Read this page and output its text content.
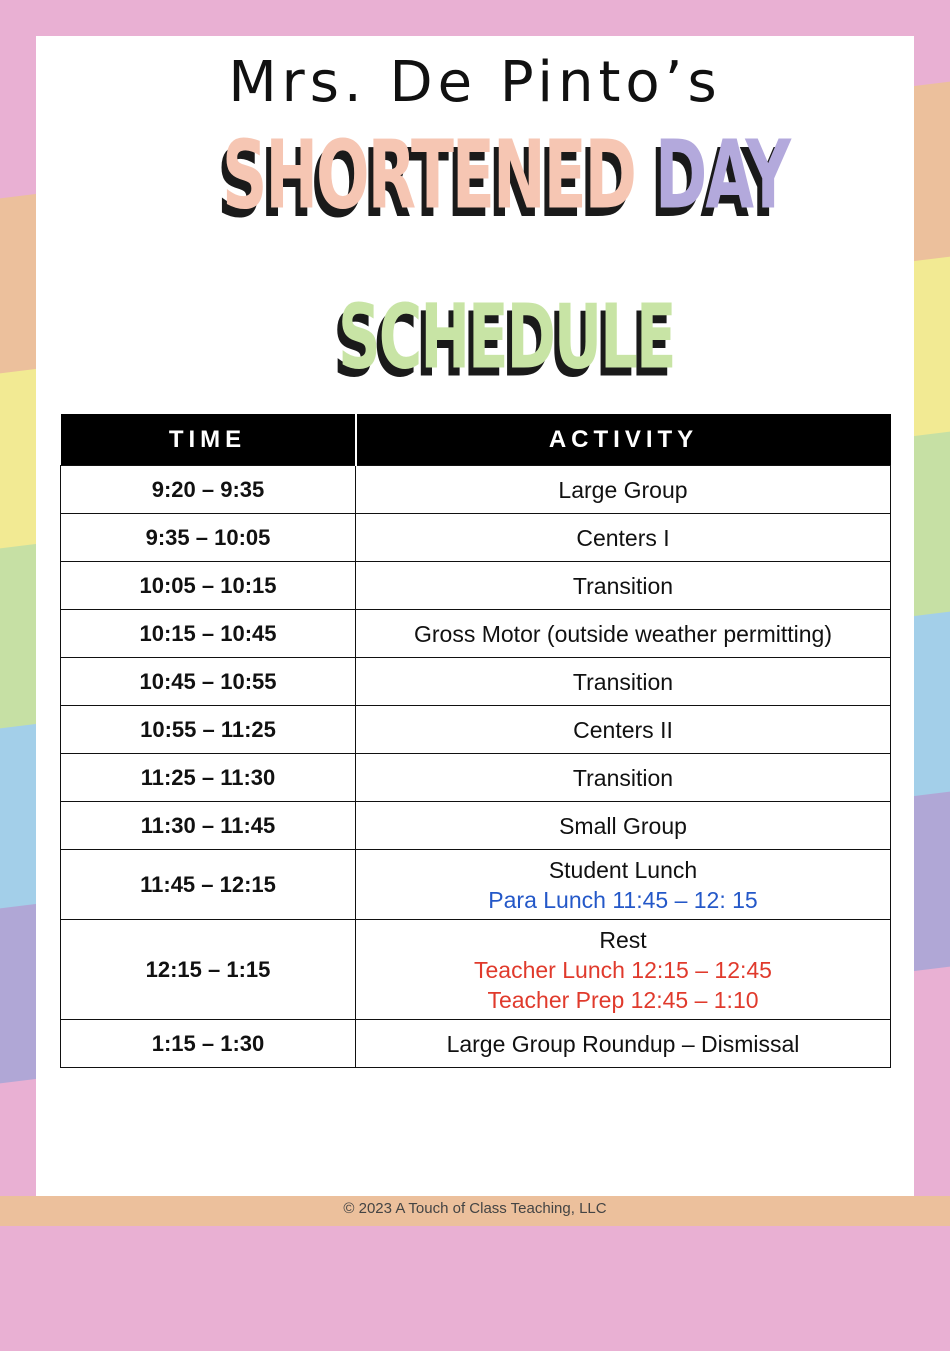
Mrs. De Pinto’s
SHORTENED DAY
SCHEDULE
TIME	ACTIVITY
9:20 – 9:35	Large Group

9:35 – 10:05	Centers I

10:05 – 10:15	Transition

10:15 – 10:45	Gross Motor (outside weather permitting)

10:45 – 10:55	Transition

10:55 – 11:25	Centers II

11:25 – 11:30	Transition

11:30 – 11:45	Small Group

11:45 – 12:15	Student Lunch
Para Lunch 11:45 – 12: 15

12:15 – 1:15	Rest
Teacher Lunch 12:15 – 12:45
Teacher Prep 12:45 – 1:10

1:15 – 1:30	Large Group Roundup – Dismissal
© 2023 A Touch of Class Teaching, LLC
